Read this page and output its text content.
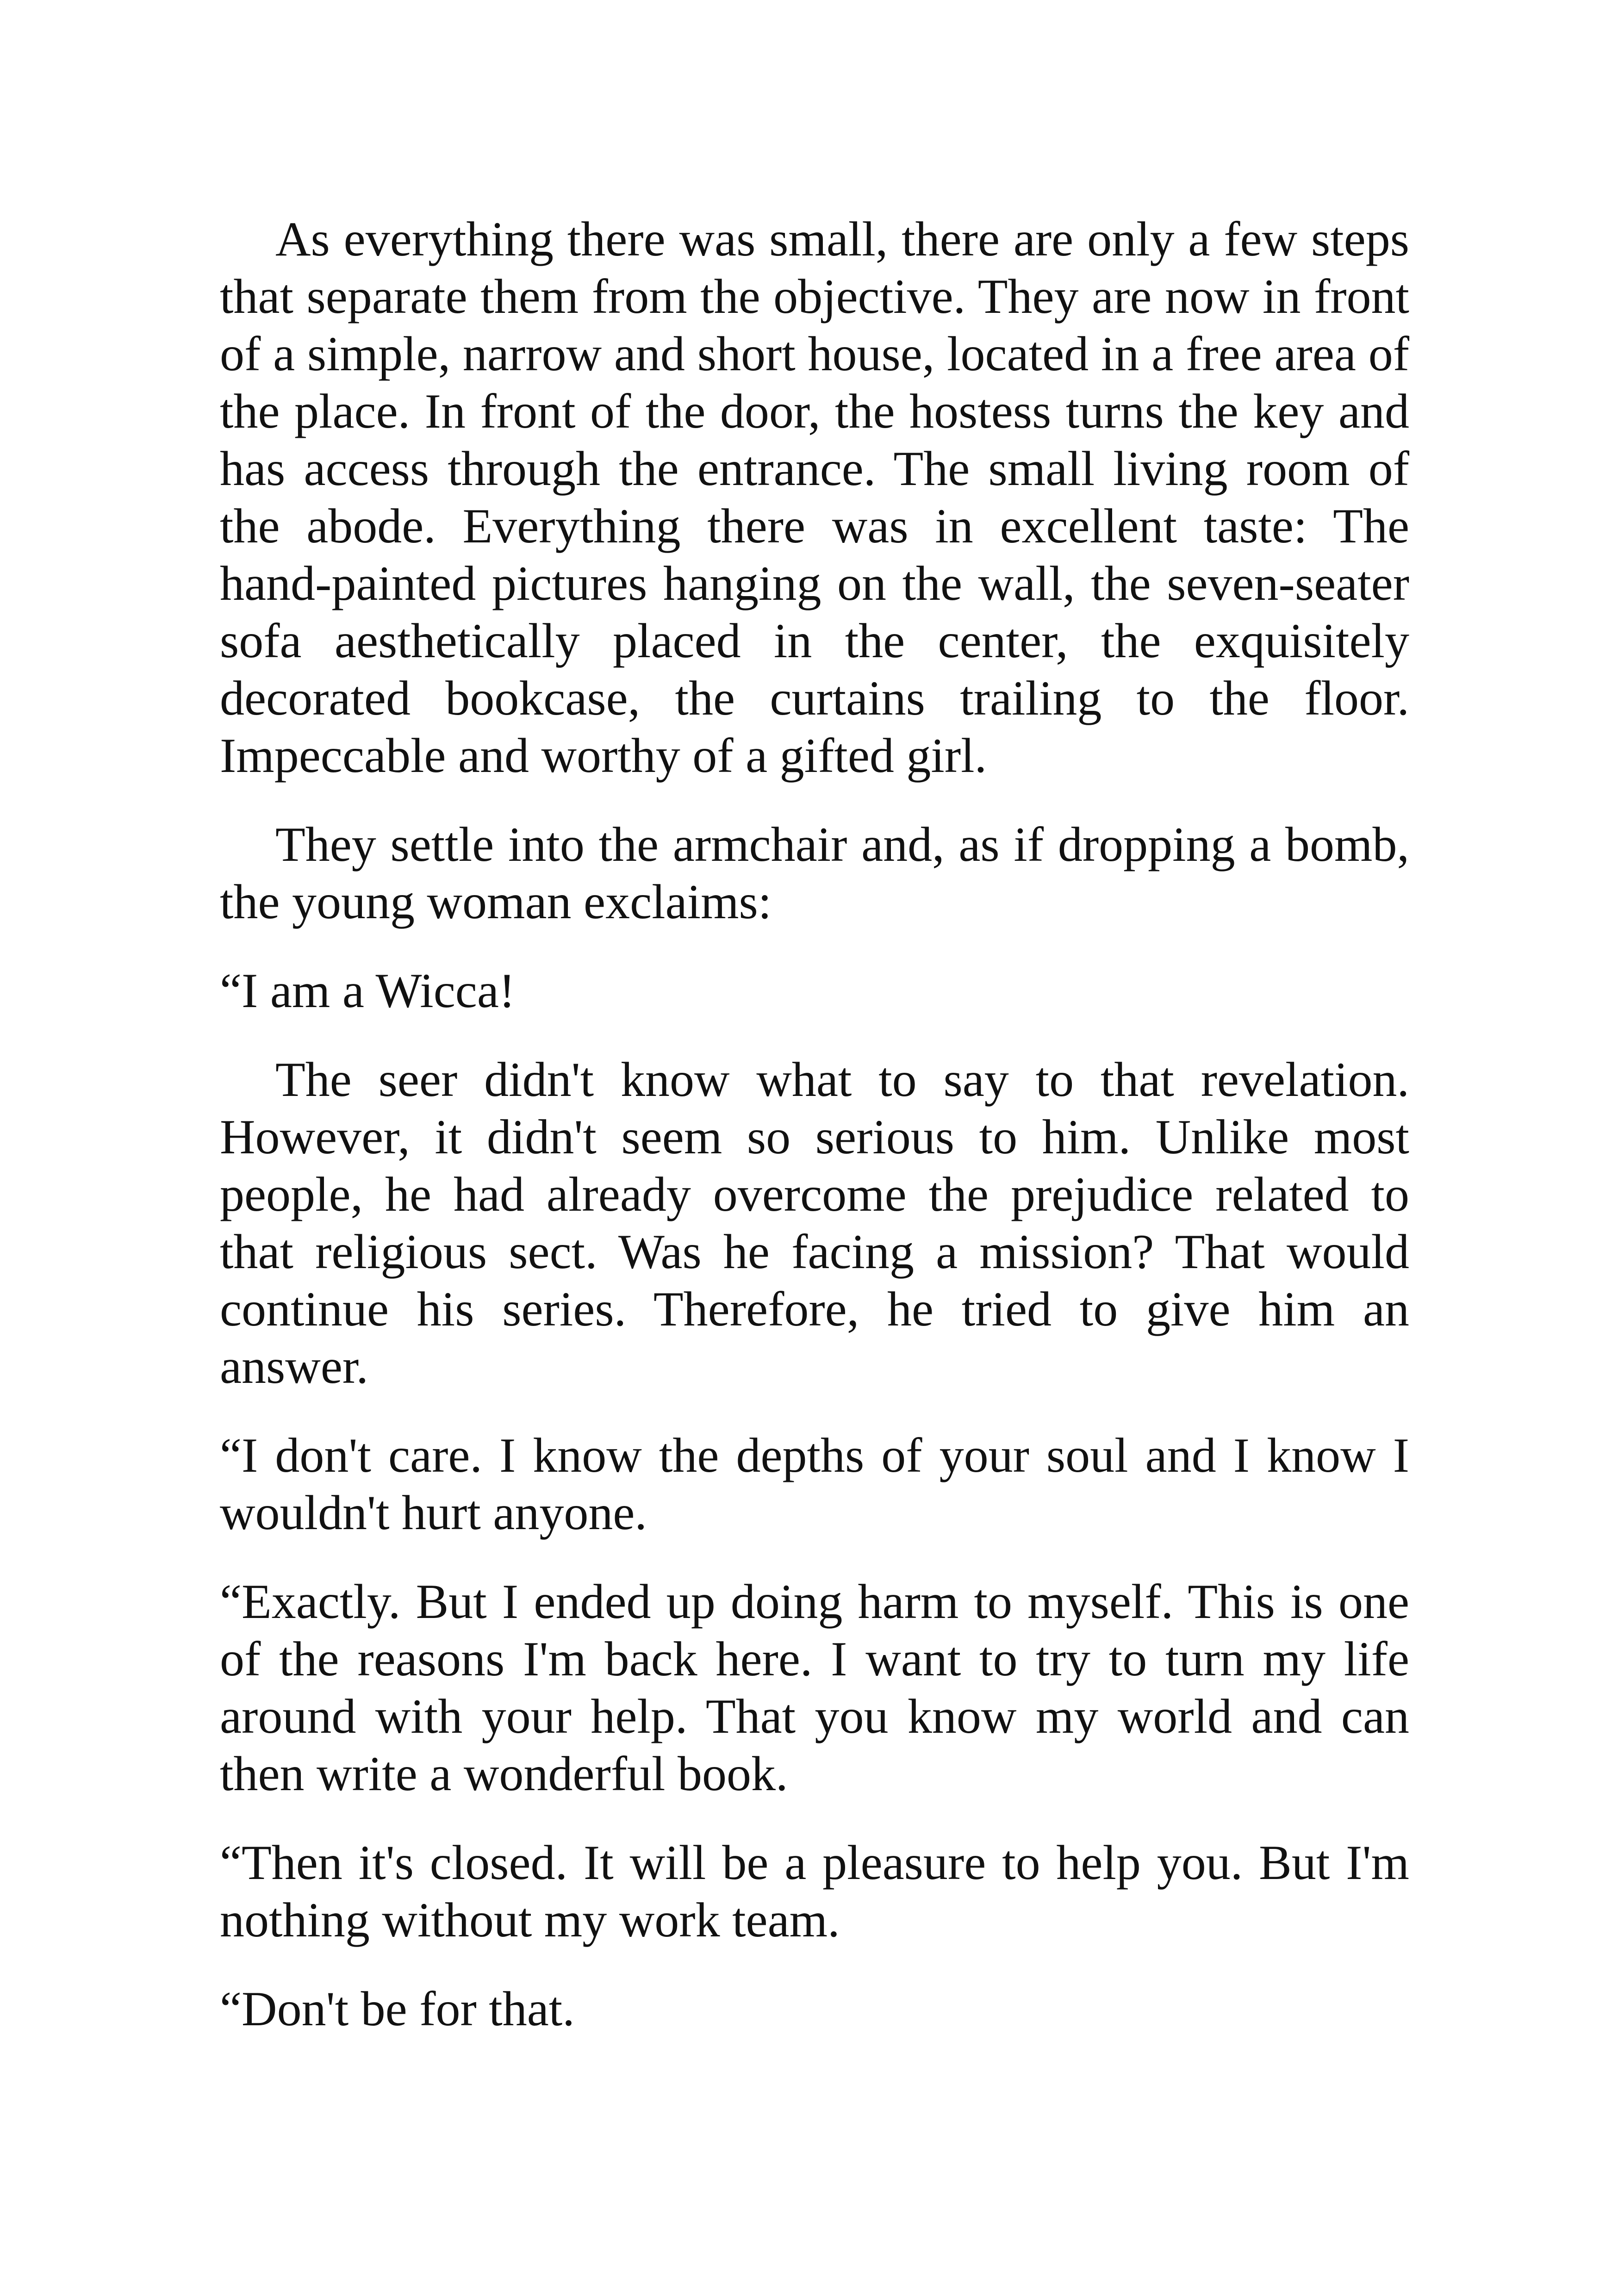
As everything there was small, there are only a few steps that separate them from the objective. They are now in front of a simple, narrow and short house, located in a free area of the place. In front of the door, the hostess turns the key and has access through the entrance. The small living room of the abode. Everything there was in excellent taste: The hand-painted pictures hanging on the wall, the seven-seater sofa aesthetically placed in the center, the exquisitely decorated bookcase, the curtains trailing to the floor. Impeccable and worthy of a gifted girl.

They settle into the armchair and, as if dropping a bomb, the young woman exclaims:

“I am a Wicca!

The seer didn't know what to say to that revelation. However, it didn't seem so serious to him. Unlike most people, he had already overcome the prejudice related to that religious sect. Was he facing a mission? That would continue his series. Therefore, he tried to give him an answer.

“I don't care. I know the depths of your soul and I know I wouldn't hurt anyone.

“Exactly. But I ended up doing harm to myself. This is one of the reasons I'm back here. I want to try to turn my life around with your help. That you know my world and can then write a wonderful book.

“Then it's closed. It will be a pleasure to help you. But I'm nothing without my work team.

“Don't be for that.
